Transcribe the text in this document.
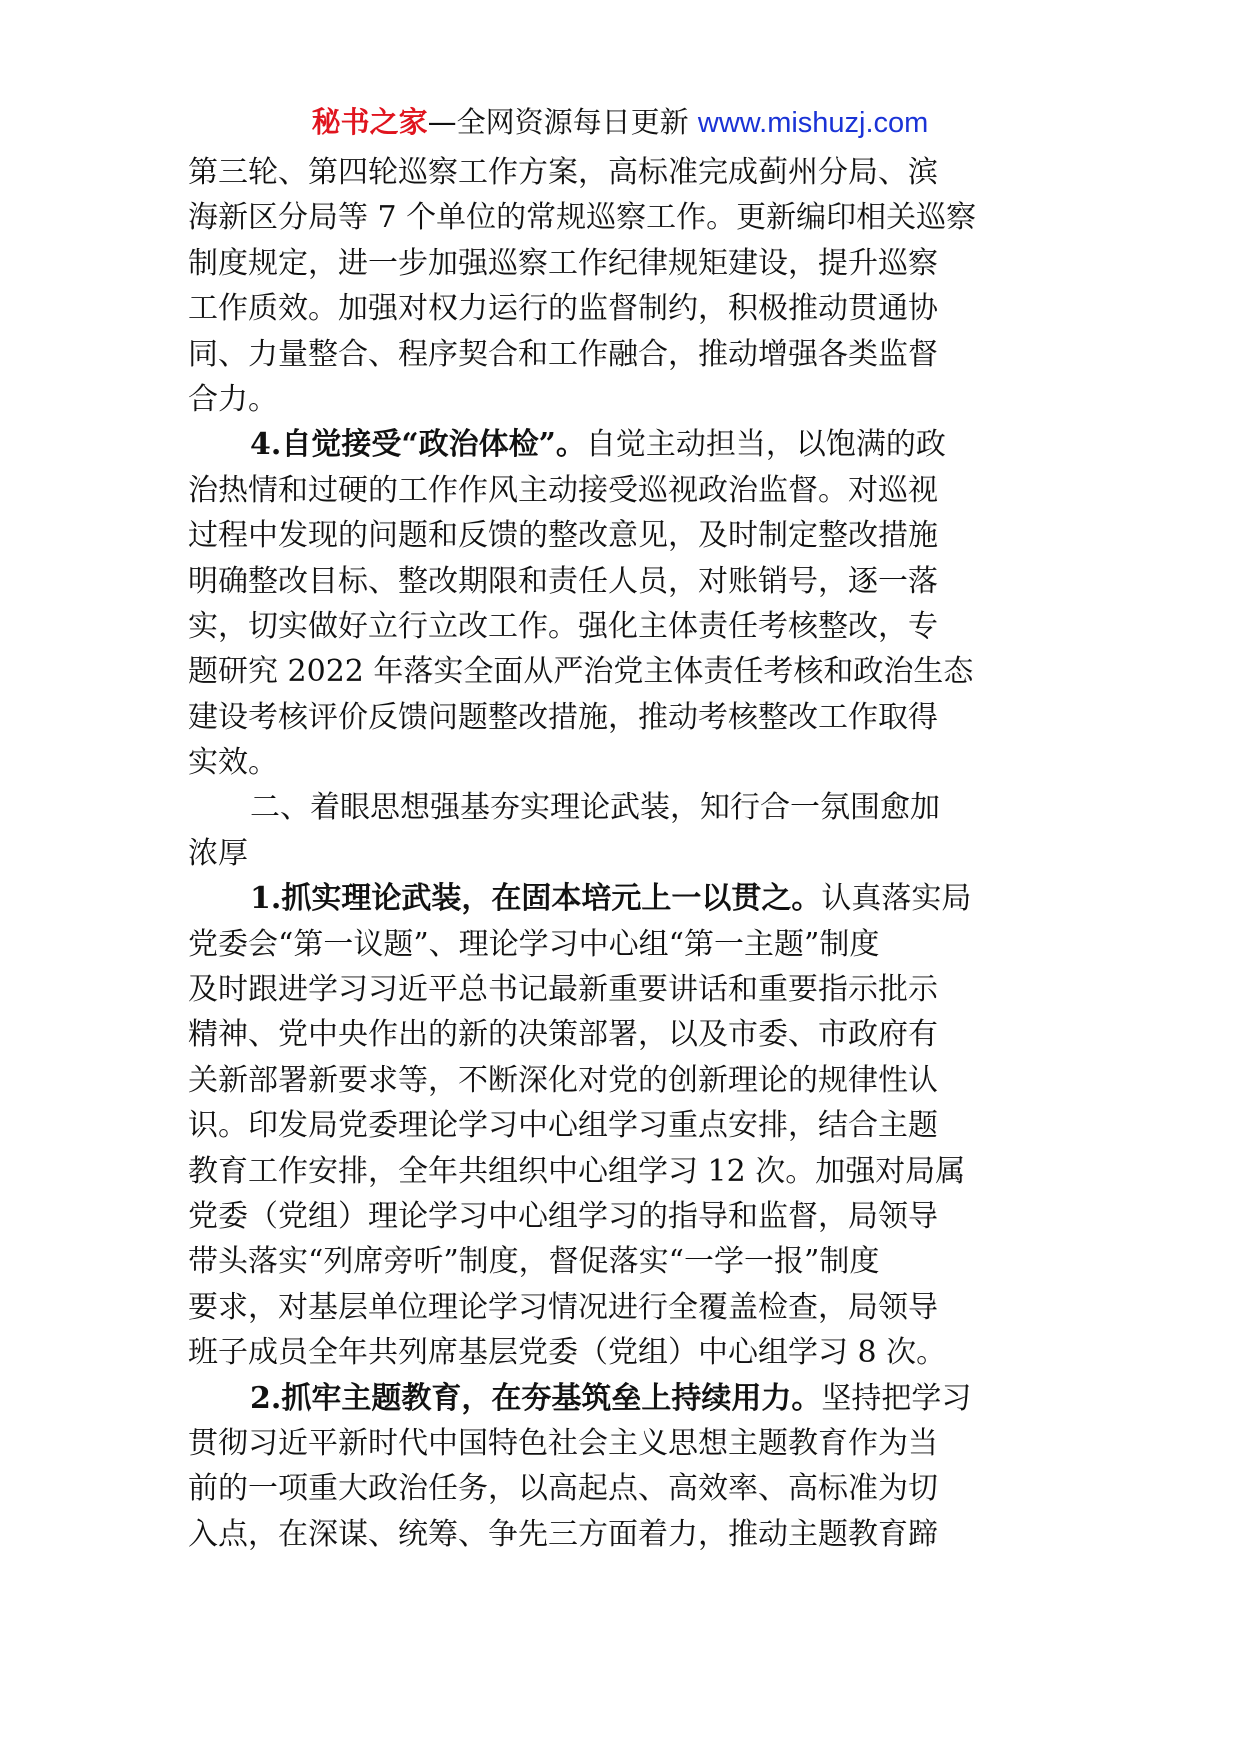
秘书之家—全网资源每日更新 www.mishuzj.com
第三轮、第四轮巡察工作方案，高标准完成蓟州分局、滨
海新区分局等 7 个单位的常规巡察工作。更新编印相关巡察
制度规定，进一步加强巡察工作纪律规矩建设，提升巡察
工作质效。加强对权力运行的监督制约，积极推动贯通协
同、力量整合、程序契合和工作融合，推动增强各类监督
合力。
4.自觉接受“政治体检”。自觉主动担当，以饱满的政
治热情和过硬的工作作风主动接受巡视政治监督。对巡视
过程中发现的问题和反馈的整改意见，及时制定整改措施
明确整改目标、整改期限和责任人员，对账销号，逐一落
实，切实做好立行立改工作。强化主体责任考核整改，专
题研究 2022 年落实全面从严治党主体责任考核和政治生态
建设考核评价反馈问题整改措施，推动考核整改工作取得
实效。
二、着眼思想强基夯实理论武装，知行合一氛围愈加
浓厚
1.抓实理论武装，在固本培元上一以贯之。认真落实局
党委会“第一议题”、理论学习中心组“第一主题”制度
及时跟进学习习近平总书记最新重要讲话和重要指示批示
精神、党中央作出的新的决策部署，以及市委、市政府有
关新部署新要求等，不断深化对党的创新理论的规律性认
识。印发局党委理论学习中心组学习重点安排，结合主题
教育工作安排，全年共组织中心组学习 12 次。加强对局属
党委（党组）理论学习中心组学习的指导和监督，局领导
带头落实“列席旁听”制度，督促落实“一学一报”制度
要求，对基层单位理论学习情况进行全覆盖检查，局领导
班子成员全年共列席基层党委（党组）中心组学习 8 次。
2.抓牢主题教育，在夯基筑垒上持续用力。坚持把学习
贯彻习近平新时代中国特色社会主义思想主题教育作为当
前的一项重大政治任务，以高起点、高效率、高标准为切
入点，在深谋、统筹、争先三方面着力，推动主题教育蹄
